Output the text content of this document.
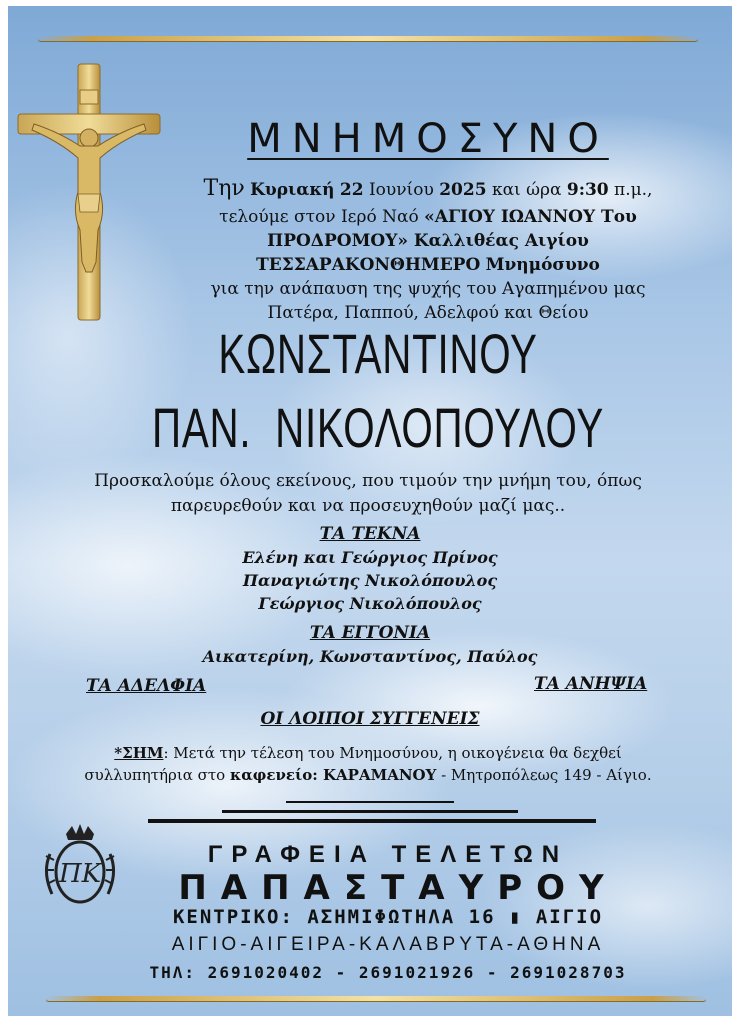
ΜΝΗΜΟΣΥΝΟ
Την Κυριακή 22 Ιουνίου 2025 και ώρα 9:30 π.μ.,
τελούμε στον Ιερό Ναό «ΑΓΙΟΥ ΙΩΑΝΝΟΥ Του
ΠΡΟΔΡΟΜΟΥ» Καλλιθέας Αιγίου
ΤΕΣΣΑΡΑΚΟΝΘΗΜΕΡΟ Μνημόσυνο
για την ανάπαυση της ψυχής του Αγαπημένου μας
Πατέρα, Παππού, Αδελφού και Θείου
ΚΩΝΣΤΑΝΤΙΝΟΥ
ΠΑΝ.  ΝΙΚΟΛΟΠΟΥΛΟΥ
Προσκαλούμε όλους εκείνους, που τιμούν την μνήμη του, όπως
παρευρεθούν και να προσευχηθούν μαζί μας..
ΤΑ ΤΕΚΝΑ
Ελένη και Γεώργιος Πρίνος
Παναγιώτης Νικολόπουλος
Γεώργιος Νικολόπουλος
ΤΑ ΕΓΓΟΝΙΑ
Αικατερίνη, Κωνσταντίνος, Παύλος
ΤΑ ΑΔΕΛΦΙΑ	ΤΑ ΑΝΗΨΙΑ
ΟΙ ΛΟΙΠΟΙ ΣΥΓΓΕΝΕΙΣ
*ΣΗΜ: Μετά την τέλεση του Μνημοσύνου, η οικογένεια θα δεχθεί
συλλυπητήρια στο καφενείο: ΚΑΡΑΜΑΝΟΥ - Μητροπόλεως 149 - Αίγιο.
ΠΚ
ΓΡΑΦΕΙΑ ΤΕΛΕΤΩΝ
ΠΑΠΑΣΤΑΥΡΟΥ
ΚΕΝΤΡΙΚΟ: ΑΣΗΜΙΦΩΤΗΛΑ 16 ▮ ΑΙΓΙΟ
ΑΙΓΙΟ-ΑΙΓΕΙΡΑ-ΚΑΛΑΒΡΥΤΑ-ΑΘΗΝΑ
ΤΗΛ: 2691020402 - 2691021926 - 2691028703
